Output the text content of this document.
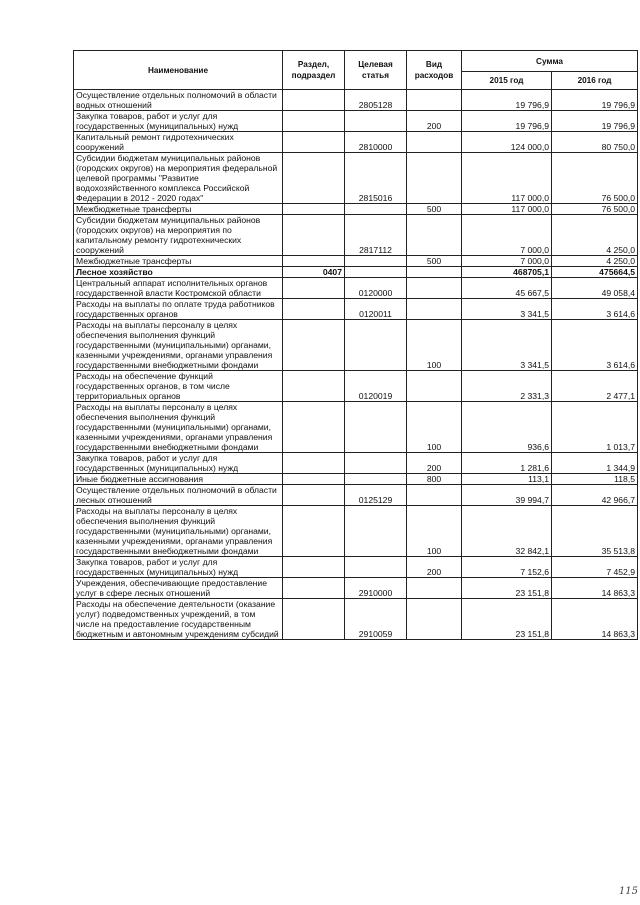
Наименование	Раздел, подраздел	Целевая статья	Вид расходов	Сумма	
				2015 год	2016 год
Осуществление отдельных полномочий в области водных отношений		2805128		19 796,9	19 796,9
Закупка товаров, работ и услуг для государственных (муниципальных) нужд			200	19 796,9	19 796,9
Капитальный ремонт гидротехнических сооружений		2810000		124 000,0	80 750,0
Субсидии бюджетам муниципальных районов (городских округов) на мероприятия федеральной целевой программы "Развитие водохозяйственного комплекса Российской Федерации в 2012 - 2020 годах"		2815016		117 000,0	76 500,0
Межбюджетные трансферты			500	117 000,0	76 500,0
Субсидии бюджетам муниципальных районов (городских округов) на мероприятия по капитальному ремонту гидротехнических сооружений		2817112		7 000,0	4 250,0
Межбюджетные трансферты			500	7 000,0	4 250,0
Лесное хозяйство	0407			468705,1	475664,5
Центральный аппарат исполнительных органов государственной власти Костромской области		0120000		45 667,5	49 058,4
Расходы на выплаты по оплате труда работников государственных органов		0120011		3 341,5	3 614,6
Расходы на выплаты персоналу в целях обеспечения выполнения функций государственными (муниципальными) органами, казенными учреждениями, органами управления государственными внебюджетными фондами			100	3 341,5	3 614,6
Расходы на обеспечение функций государственных органов, в том числе территориальных органов		0120019		2 331,3	2 477,1
Расходы на выплаты персоналу в целях обеспечения выполнения функций государственными (муниципальными) органами, казенными учреждениями, органами управления государственными внебюджетными фондами			100	936,6	1 013,7
Закупка товаров, работ и услуг для государственных (муниципальных) нужд			200	1 281,6	1 344,9
Иные бюджетные ассигнования			800	113,1	118,5
Осуществление отдельных полномочий в области лесных отношений		0125129		39 994,7	42 966,7
Расходы на выплаты персоналу в целях обеспечения выполнения функций государственными (муниципальными) органами, казенными учреждениями, органами управления государственными внебюджетными фондами			100	32 842,1	35 513,8
Закупка товаров, работ и услуг для государственных (муниципальных) нужд			200	7 152,6	7 452,9
Учреждения, обеспечивающие предоставление услуг в сфере лесных отношений		2910000		23 151,8	14 863,3
Расходы на обеспечение деятельности (оказание услуг) подведомственных учреждений, в том числе на предоставление государственным бюджетным и автономным учреждениям субсидий		2910059		23 151,8	14 863,3
115
